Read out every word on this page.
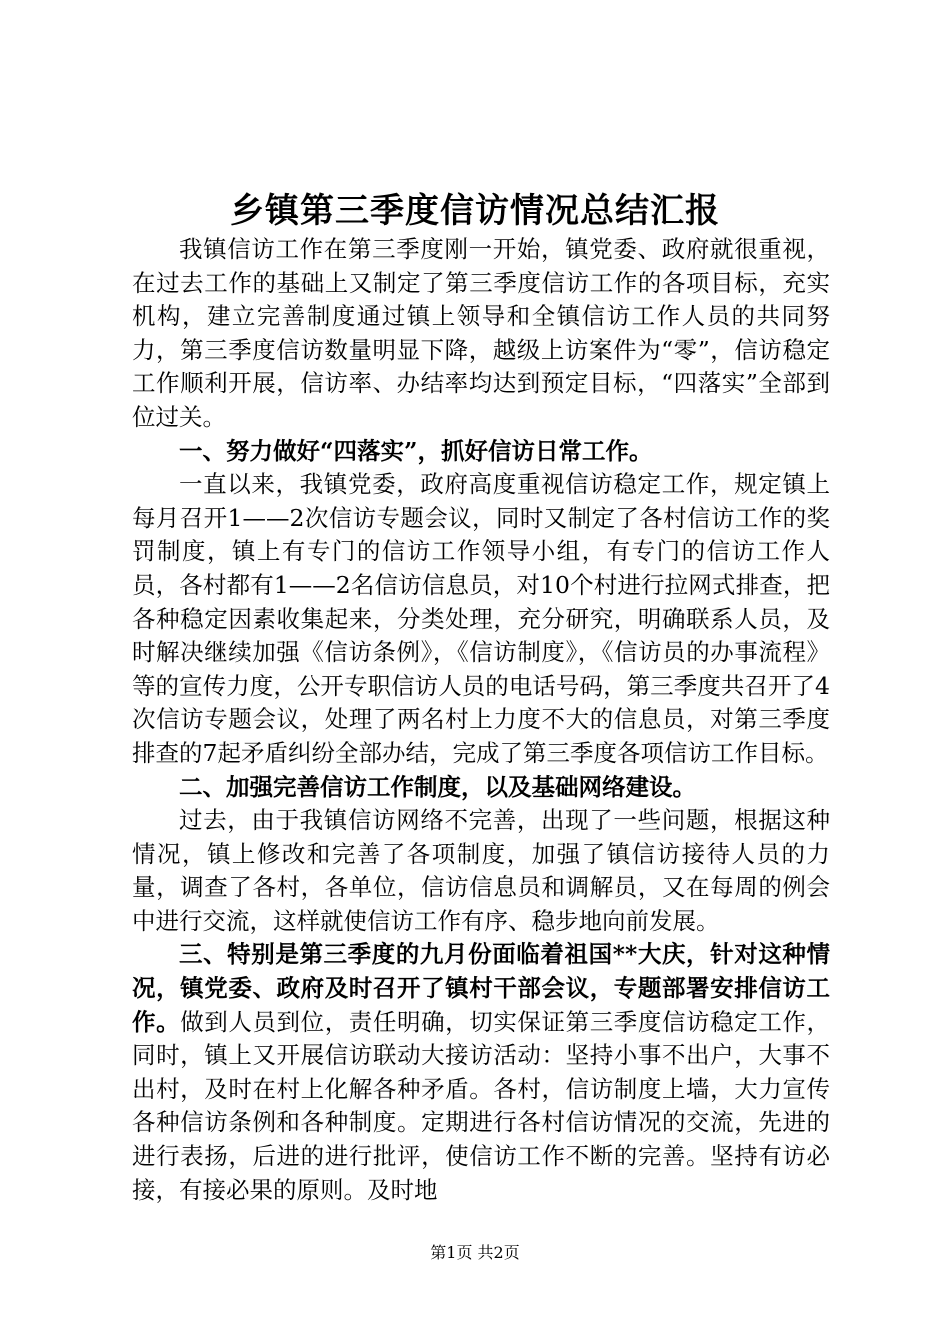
乡镇第三季度信访情况总结汇报

我镇信访工作在第三季度刚一开始，镇党委、政府就很重视，在过去工作的基础上又制定了第三季度信访工作的各项目标，充实机构，建立完善制度通过镇上领导和全镇信访工作人员的共同努力，第三季度信访数量明显下降，越级上访案件为“零”，信访稳定工作顺利开展，信访率、办结率均达到预定目标，“四落实”全部到位过关。

一、努力做好“四落实”，抓好信访日常工作。

一直以来，我镇党委，政府高度重视信访稳定工作，规定镇上每月召开1——2次信访专题会议，同时又制定了各村信访工作的奖罚制度，镇上有专门的信访工作领导小组，有专门的信访工作人员，各村都有1——2名信访信息员，对10个村进行拉网式排查，把各种稳定因素收集起来，分类处理，充分研究，明确联系人员，及时解决继续加强《信访条例》，《信访制度》，《信访员的办事流程》等的宣传力度，公开专职信访人员的电话号码，第三季度共召开了4次信访专题会议，处理了两名村上力度不大的信息员，对第三季度排查的7起矛盾纠纷全部办结，完成了第三季度各项信访工作目标。

二、加强完善信访工作制度，以及基础网络建设。

过去，由于我镇信访网络不完善，出现了一些问题，根据这种情况，镇上修改和完善了各项制度，加强了镇信访接待人员的力量，调查了各村，各单位，信访信息员和调解员，又在每周的例会中进行交流，这样就使信访工作有序、稳步地向前发展。

三、特别是第三季度的九月份面临着祖国**大庆，针对这种情况，镇党委、政府及时召开了镇村干部会议，专题部署安排信访工作。做到人员到位，责任明确，切实保证第三季度信访稳定工作，同时，镇上又开展信访联动大接访活动：坚持小事不出户，大事不出村，及时在村上化解各种矛盾。各村，信访制度上墙，大力宣传各种信访条例和各种制度。定期进行各村信访情况的交流，先进的进行表扬，后进的进行批评，使信访工作不断的完善。坚持有访必接，有接必果的原则。及时地

第1页 共2页
